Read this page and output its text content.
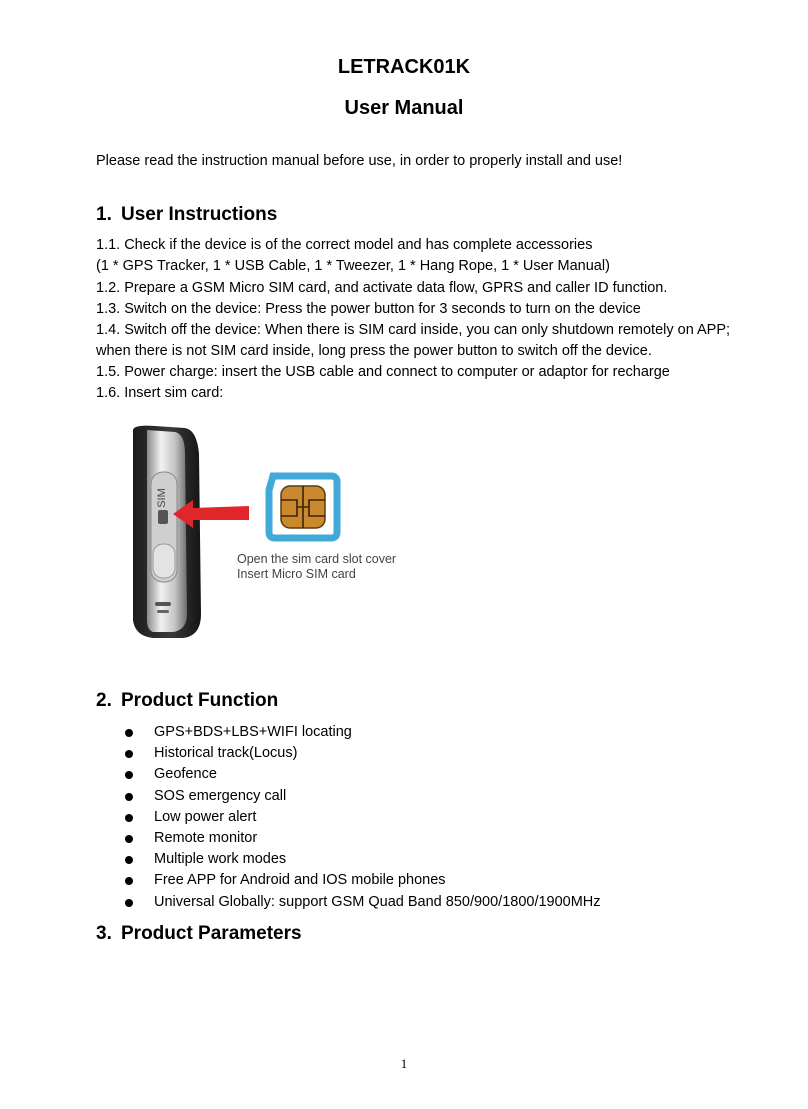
LETRACK01K
User Manual
Please read the instruction manual before use, in order to properly install and use!
1. User Instructions
1.1. Check if the device is of the correct model and has complete accessories
(1 * GPS Tracker, 1 * USB Cable, 1 * Tweezer, 1 * Hang Rope, 1 * User Manual)
1.2. Prepare a GSM Micro SIM card, and activate data flow, GPRS and caller ID function.
1.3. Switch on the device: Press the power button for 3 seconds to turn on the device
1.4. Switch off the device: When there is SIM card inside, you can only shutdown remotely on APP;
when there is not SIM card inside, long press the power button to switch off the device.
1.5. Power charge: insert the USB cable and connect to computer or adaptor for recharge
1.6. Insert sim card:
SIM
Open the sim card slot cover
Insert Micro SIM card
2. Product Function
GPS+BDS+LBS+WIFI locating
Historical track(Locus)
Geofence
SOS emergency call
Low power alert
Remote monitor
Multiple work modes
Free APP for Android and IOS mobile phones
Universal Globally: support GSM Quad Band 850/900/1800/1900MHz
3. Product Parameters
1
